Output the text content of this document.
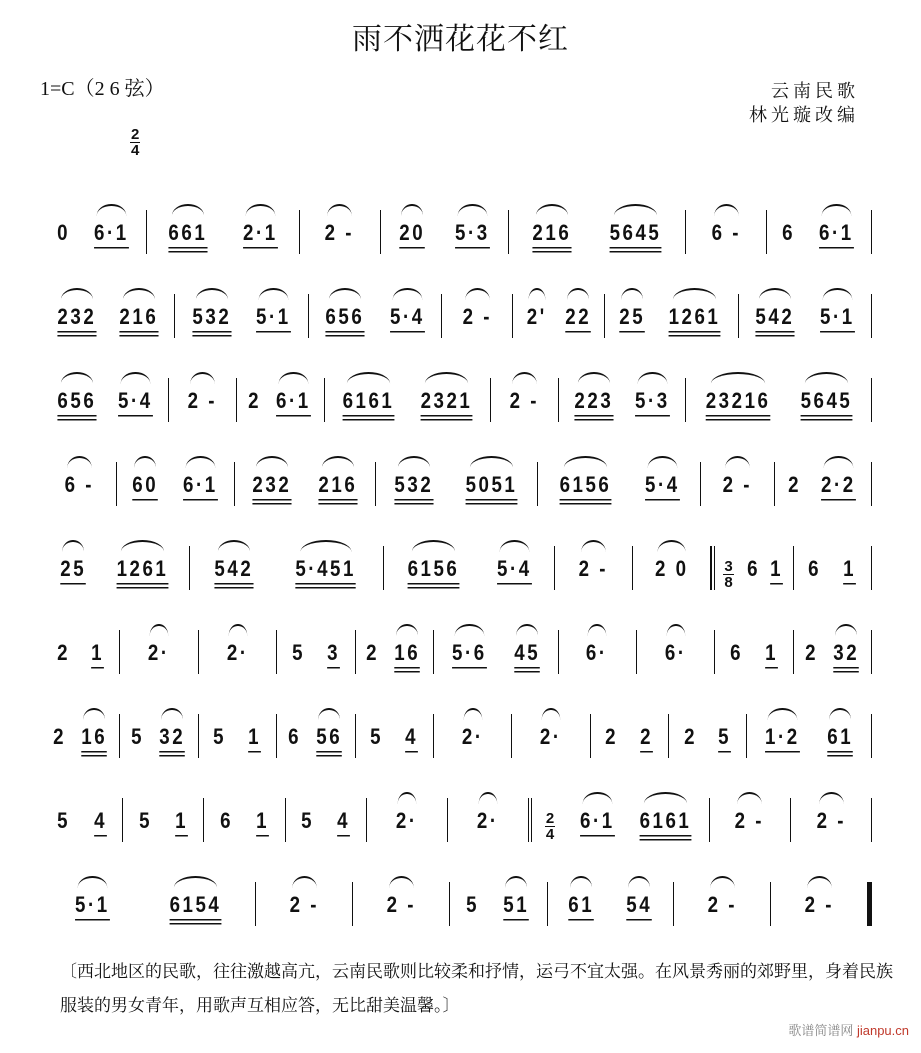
雨不洒花花不红
1=C（2 6 弦）	云南民歌
林光璇改编
$\frac{2}{4}$
0 6·1 661 2·1 2 - 20 5·3 216 5645 6 - 6 6·1
232 216 532 5·1 656 5·4 2 - 2' 22 25 1261 542 5·1
656 5·4 2 - 2 6·1 6161 2321 2 - 223 5·3 23216 5645
6 - 60 6·1 232 216 532 5051 6156 5·4 2 - 2 2·2
25 1261 542 5·451 6156 5·4 2 - 2 $0 \frac{3}{8} 6$ 1 6 1
2 1 2·	2· 5 3 2 16 5·6 45 6·	6· 6 1 2 32
2 16 5 32 5 1 6 56 5 4 2·	2· 2 2 2 5 1·2 61
5 4 5 1 6 1 5 4 2·	2·	$\frac{2}{4} 6\cdot 1$ 6161 2 - 2 -
5·1	6154	2 -	2 - 5 51 61 54 2 -	2 -
〔西北地区的民歌，往往激越高亢，云南民歌则比较柔和抒情，运弓不宜太强。在风景秀丽的郊野里，身着民族服装的男女青年，用歌声互相应答，无比甜美温馨。〕
歌谱简谱网 jianpu.cn
